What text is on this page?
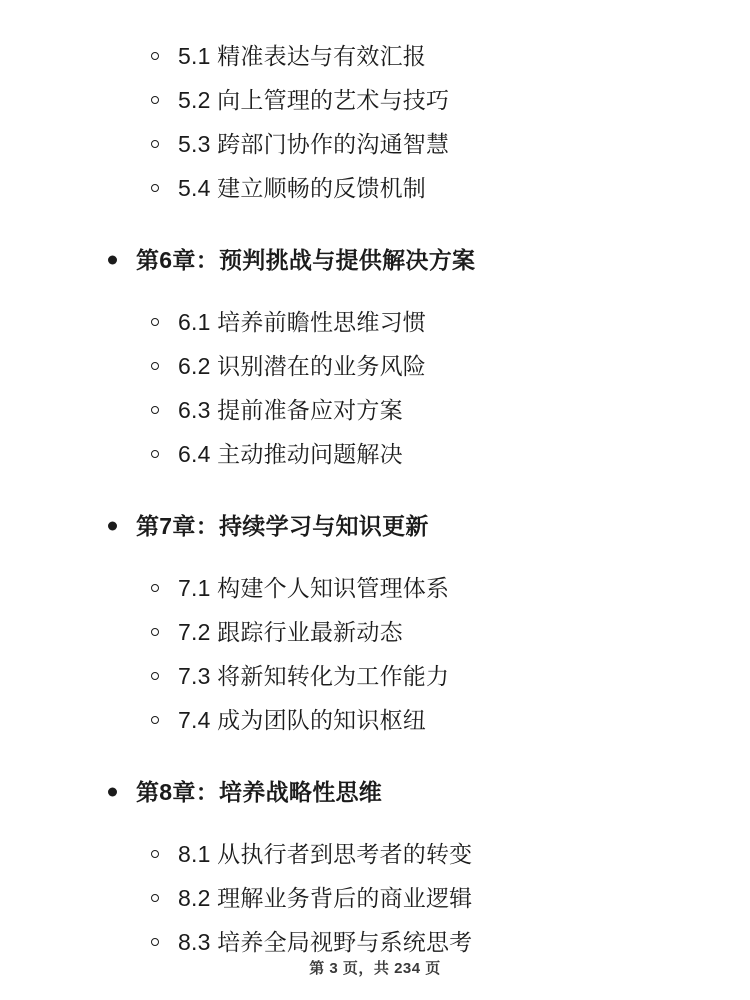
5.1 精准表达与有效汇报
5.2 向上管理的艺术与技巧
5.3 跨部门协作的沟通智慧
5.4 建立顺畅的反馈机制
第6章：预判挑战与提供解决方案
6.1 培养前瞻性思维习惯
6.2 识别潜在的业务风险
6.3 提前准备应对方案
6.4 主动推动问题解决
第7章：持续学习与知识更新
7.1 构建个人知识管理体系
7.2 跟踪行业最新动态
7.3 将新知转化为工作能力
7.4 成为团队的知识枢纽
第8章：培养战略性思维
8.1 从执行者到思考者的转变
8.2 理解业务背后的商业逻辑
8.3 培养全局视野与系统思考
第 3 页，共 234 页
